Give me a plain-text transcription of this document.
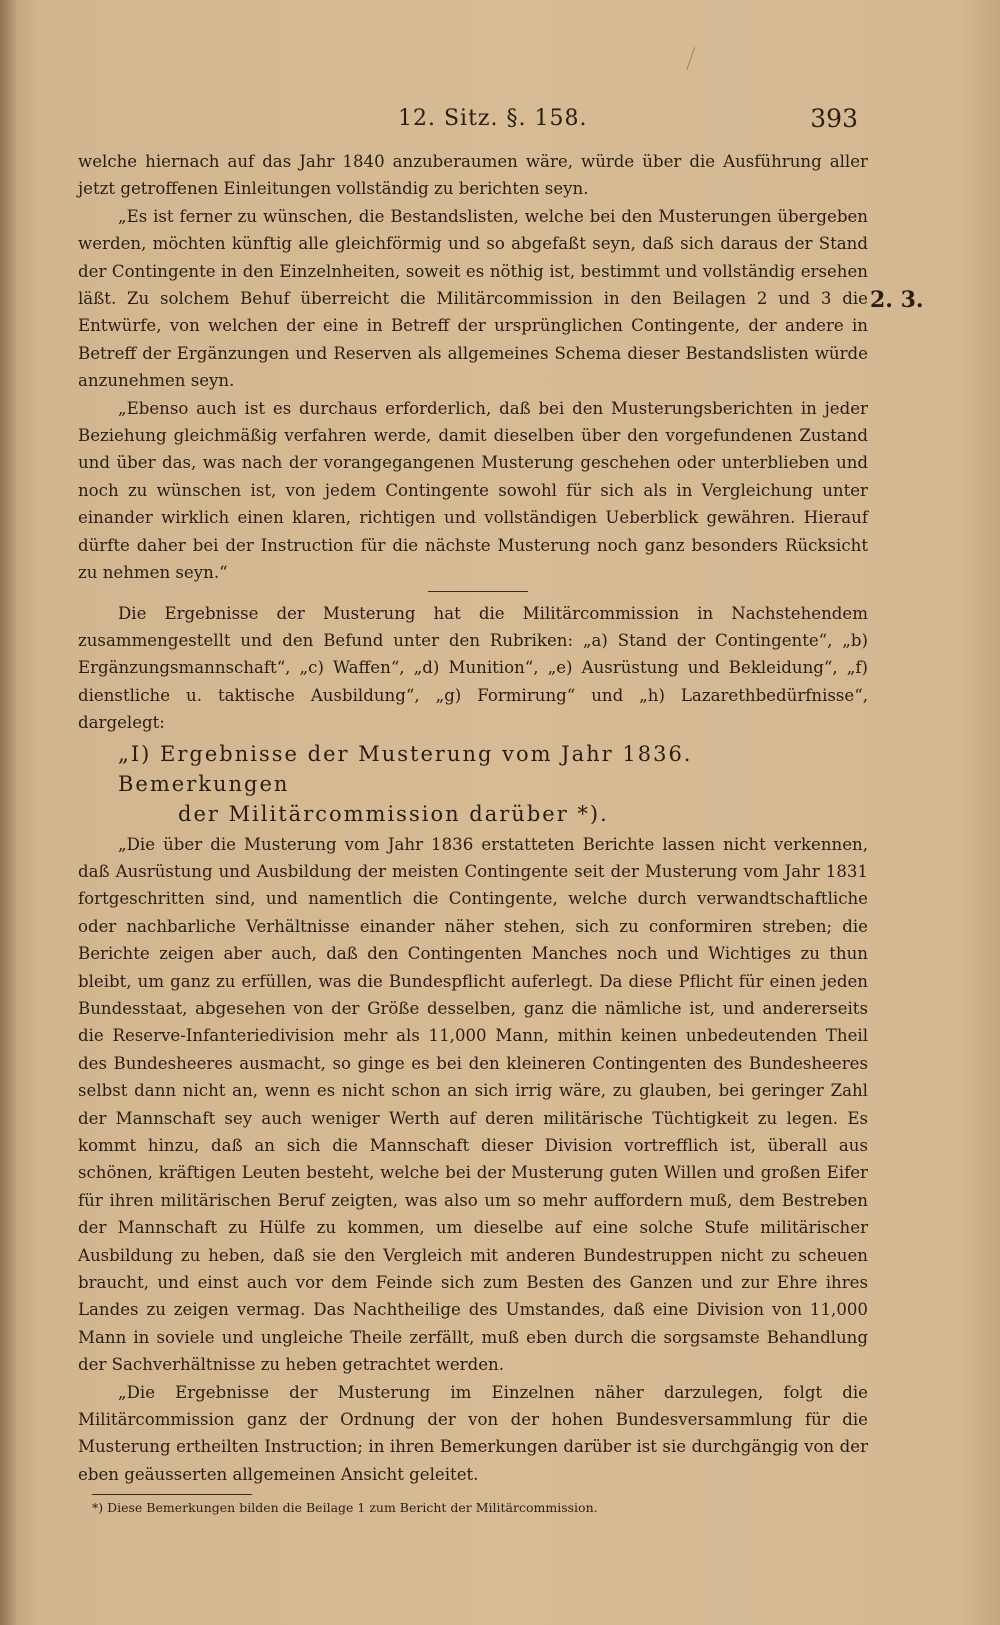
12. Sitz. §. 158.	393
2. 3.

welche hiernach auf das Jahr 1840 anzuberaumen wäre, würde über die Ausführung aller jetzt getroffenen Einleitungen vollständig zu berichten seyn.

„Es ist ferner zu wünschen, die Bestandslisten, welche bei den Musterungen übergeben werden, möchten künftig alle gleichförmig und so abgefaßt seyn, daß sich daraus der Stand der Contingente in den Einzelnheiten, soweit es nöthig ist, bestimmt und vollständig ersehen läßt. Zu solchem Behuf überreicht die Militärcommission in den Beilagen 2 und 3 die Entwürfe, von welchen der eine in Betreff der ursprünglichen Contingente, der andere in Betreff der Ergänzungen und Reserven als allgemeines Schema dieser Bestandslisten würde anzunehmen seyn.

„Ebenso auch ist es durchaus erforderlich, daß bei den Musterungsberichten in jeder Beziehung gleichmäßig verfahren werde, damit dieselben über den vorgefundenen Zustand und über das, was nach der vorangegangenen Musterung geschehen oder unterblieben und noch zu wünschen ist, von jedem Contingente sowohl für sich als in Vergleichung unter einander wirklich einen klaren, richtigen und vollständigen Ueberblick gewähren. Hierauf dürfte daher bei der Instruction für die nächste Musterung noch ganz besonders Rücksicht zu nehmen seyn.“

Die Ergebnisse der Musterung hat die Militärcommission in Nachstehendem zusammengestellt und den Befund unter den Rubriken: „a) Stand der Contingente“, „b) Ergänzungsmannschaft“, „c) Waffen“, „d) Munition“, „e) Ausrüstung und Bekleidung“, „f) dienstliche u. taktische Ausbildung“, „g) Formirung“ und „h) Lazarethbedürfnisse“, dargelegt:

„I) Ergebnisse der Musterung vom Jahr 1836. Bemerkungen
der Militärcommission darüber *).

„Die über die Musterung vom Jahr 1836 erstatteten Berichte lassen nicht verkennen, daß Ausrüstung und Ausbildung der meisten Contingente seit der Musterung vom Jahr 1831 fortgeschritten sind, und namentlich die Contingente, welche durch verwandtschaftliche oder nachbarliche Verhältnisse einander näher stehen, sich zu conformiren streben; die Berichte zeigen aber auch, daß den Contingenten Manches noch und Wichtiges zu thun bleibt, um ganz zu erfüllen, was die Bundespflicht auferlegt. Da diese Pflicht für einen jeden Bundesstaat, abgesehen von der Größe desselben, ganz die nämliche ist, und andererseits die Reserve-Infanteriedivision mehr als 11,000 Mann, mithin keinen unbedeutenden Theil des Bundesheeres ausmacht, so ginge es bei den kleineren Contingenten des Bundesheeres selbst dann nicht an, wenn es nicht schon an sich irrig wäre, zu glauben, bei geringer Zahl der Mannschaft sey auch weniger Werth auf deren militärische Tüchtigkeit zu legen. Es kommt hinzu, daß an sich die Mannschaft dieser Division vortrefflich ist, überall aus schönen, kräftigen Leuten besteht, welche bei der Musterung guten Willen und großen Eifer für ihren militärischen Beruf zeigten, was also um so mehr auffordern muß, dem Bestreben der Mannschaft zu Hülfe zu kommen, um dieselbe auf eine solche Stufe militärischer Ausbildung zu heben, daß sie den Vergleich mit anderen Bundestruppen nicht zu scheuen braucht, und einst auch vor dem Feinde sich zum Besten des Ganzen und zur Ehre ihres Landes zu zeigen vermag. Das Nachtheilige des Umstandes, daß eine Division von 11,000 Mann in soviele und ungleiche Theile zerfällt, muß eben durch die sorgsamste Behandlung der Sachverhältnisse zu heben getrachtet werden.

„Die Ergebnisse der Musterung im Einzelnen näher darzulegen, folgt die Militärcommission ganz der Ordnung der von der hohen Bundesversammlung für die Musterung ertheilten Instruction; in ihren Bemerkungen darüber ist sie durchgängig von der eben geäusserten allgemeinen Ansicht geleitet.

*) Diese Bemerkungen bilden die Beilage 1 zum Bericht der Militärcommission.
